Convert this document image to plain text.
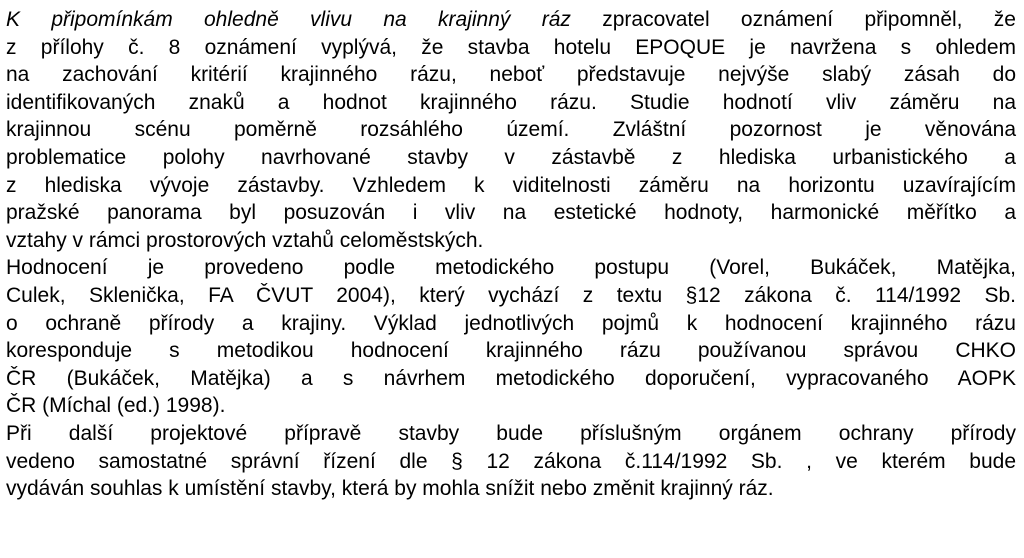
K připomínkám ohledně vlivu na krajinný ráz zpracovatel oznámení připomněl, že
z přílohy č. 8 oznámení vyplývá, že stavba hotelu EPOQUE je navržena s ohledem
na zachování kritérií krajinného rázu, neboť představuje nejvýše slabý zásah do
identifikovaných znaků a hodnot krajinného rázu. Studie hodnotí vliv záměru na
krajinnou scénu poměrně rozsáhlého území. Zvláštní pozornost je věnována
problematice polohy navrhované stavby v zástavbě z hlediska urbanistického a
z hlediska vývoje zástavby. Vzhledem k viditelnosti záměru na horizontu uzavírajícím
pražské panorama byl posuzován i vliv na estetické hodnoty, harmonické měřítko a
vztahy v rámci prostorových vztahů celoměstských.
Hodnocení je provedeno podle metodického postupu (Vorel, Bukáček, Matějka,
Culek, Sklenička, FA ČVUT 2004), který vychází z textu §12 zákona č. 114/1992 Sb.
o ochraně přírody a krajiny. Výklad jednotlivých pojmů k hodnocení krajinného rázu
koresponduje s metodikou hodnocení krajinného rázu používanou správou CHKO
ČR (Bukáček, Matějka) a s návrhem metodického doporučení, vypracovaného AOPK
ČR (Míchal (ed.) 1998).
Při další projektové přípravě stavby bude příslušným orgánem ochrany přírody
vedeno samostatné správní řízení dle § 12 zákona č.114/1992 Sb. , ve kterém bude
vydáván souhlas k umístění stavby, která by mohla snížit nebo změnit krajinný ráz.
